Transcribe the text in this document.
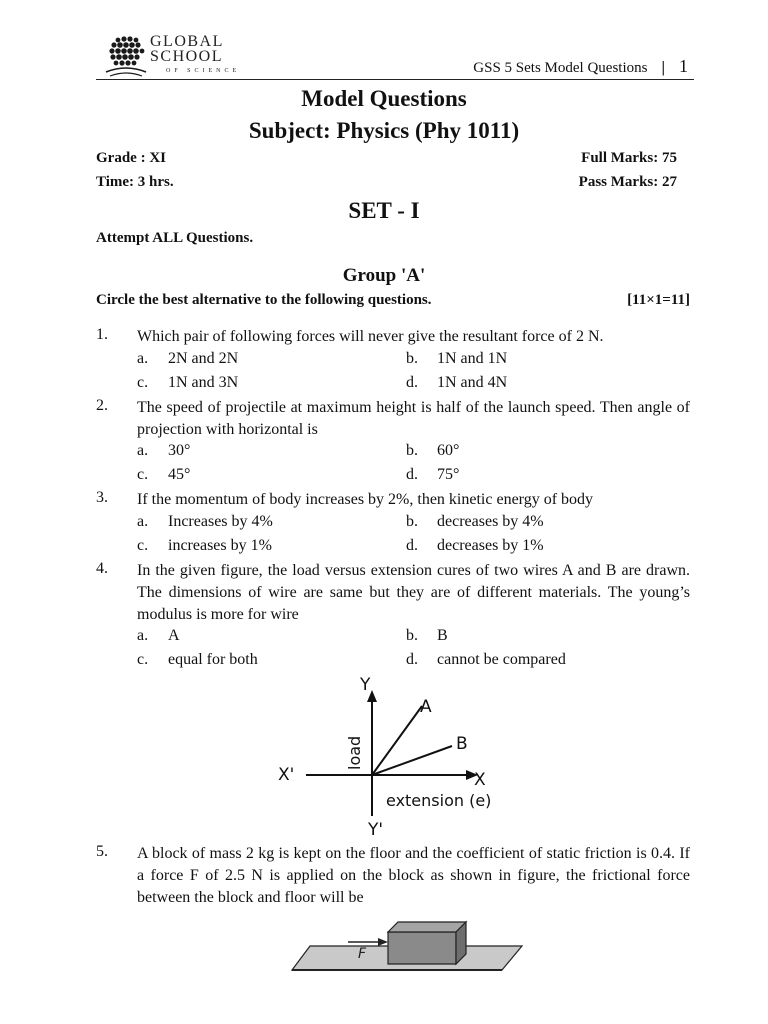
GLOBAL
SCHOOL
OF SCIENCE	GSS 5 Sets Model Questions | 1
Model Questions
Subject: Physics (Phy 1011)
Grade : XI
Time: 3 hrs.
Full Marks: 75
Pass Marks: 27
SET - I
Attempt ALL Questions.
Group 'A'
Circle the best alternative to the following questions.	[11×1=11]
1. Which pair of following forces will never give the resultant force of 2 N.
a. 2N and 2N	b. 1N and 1N
c. 1N and 3N	d. 1N and 4N
2. The speed of projectile at maximum height is half of the launch speed. Then angle of projection with horizontal is
a. 30°	b. 60°
c. 45°	d. 75°
3. If the momentum of body increases by 2%, then kinetic energy of body
a. Increases by 4%	b. decreases by 4%
c. increases by 1%	d. decreases by 1%
4. In the given figure, the load versus extension cures of two wires A and B are drawn. The dimensions of wire are same but they are of different materials. The young’s modulus is more for wire
a. A	b. B
c. equal for both	d. cannot be compared
Y
Y'
X
X'
A
B
load
extension (e)
5. A block of mass 2 kg is kept on the floor and the coefficient of static friction is 0.4. If a force F of 2.5 N is applied on the block as shown in figure, the frictional force between the block and floor will be
F
